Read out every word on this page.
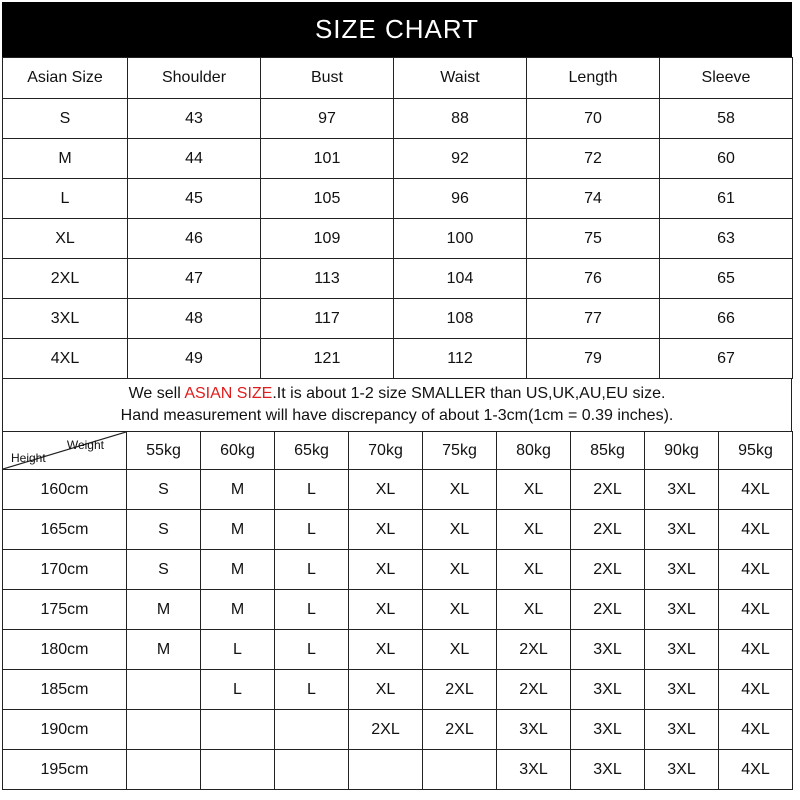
SIZE CHART
Asian Size	Shoulder	Bust	Waist	Length	Sleeve
S	43	97	88	70	58
M	44	101	92	72	60
L	45	105	96	74	61
XL	46	109	100	75	63
2XL	47	113	104	76	65
3XL	48	117	108	77	66
4XL	49	121	112	79	67
We sell ASIAN SIZE.It is about 1-2 size SMALLER than US,UK,AU,EU size.
Hand measurement will have discrepancy of about 1-3cm(1cm = 0.39 inches).
Weight
Height	55kg	60kg	65kg	70kg	75kg	80kg	85kg	90kg	95kg
160cm	S	M	L	XL	XL	XL	2XL	3XL	4XL
165cm	S	M	L	XL	XL	XL	2XL	3XL	4XL
170cm	S	M	L	XL	XL	XL	2XL	3XL	4XL
175cm	M	M	L	XL	XL	XL	2XL	3XL	4XL
180cm	M	L	L	XL	XL	2XL	3XL	3XL	4XL
185cm		L	L	XL	2XL	2XL	3XL	3XL	4XL
190cm				2XL	2XL	3XL	3XL	3XL	4XL
195cm						3XL	3XL	3XL	4XL
